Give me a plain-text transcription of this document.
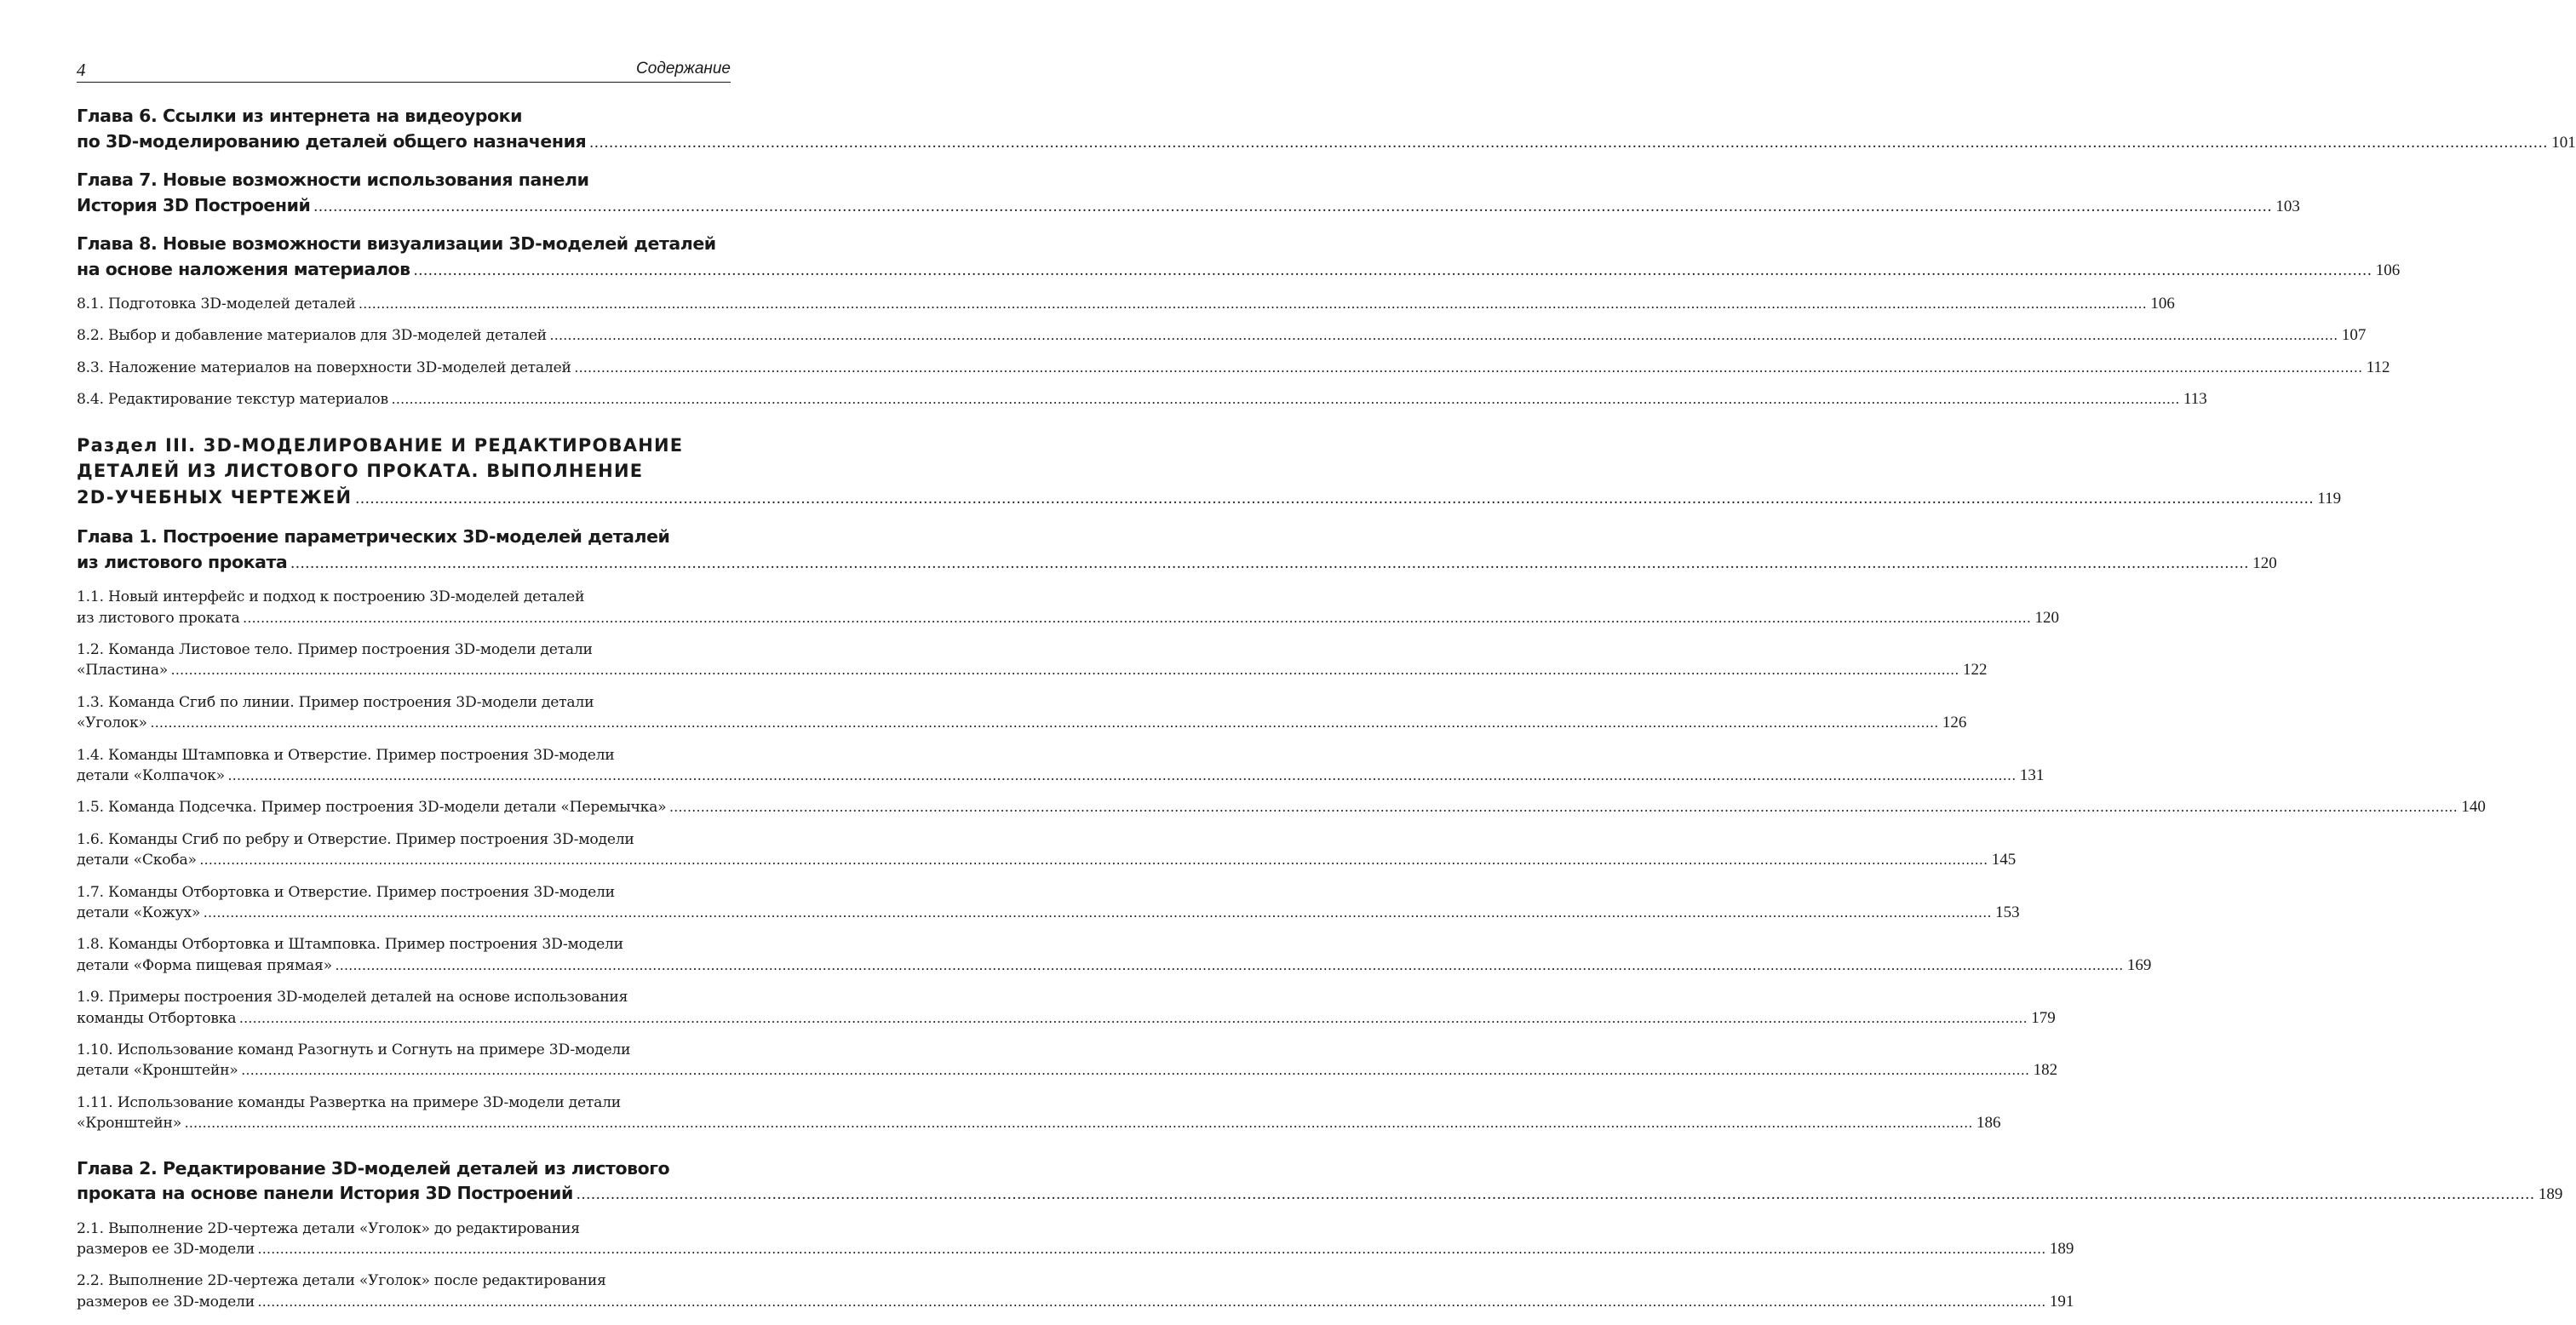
4	Содержание
Глава 6. Ссылки из интернета на видеоуроки
по 3D-моделированию деталей общего назначения ................................................................................................................................................................................................................................................................................................................................................................................................................ 101
Глава 7. Новые возможности использования панели
История 3D Построений ................................................................................................................................................................................................................................................................................................................................................................................................................ 103
Глава 8. Новые возможности визуализации 3D-моделей деталей
на основе наложения материалов ................................................................................................................................................................................................................................................................................................................................................................................................................ 106
8.1. Подготовка 3D-моделей деталей ................................................................................................................................................................................................................................................................................................................................................................................................................ 106
8.2. Выбор и добавление материалов для 3D-моделей деталей ................................................................................................................................................................................................................................................................................................................................................................................................................ 107
8.3. Наложение материалов на поверхности 3D-моделей деталей ................................................................................................................................................................................................................................................................................................................................................................................................................ 112
8.4. Редактирование текстур материалов ................................................................................................................................................................................................................................................................................................................................................................................................................ 113
Раздел III. 3D-МОДЕЛИРОВАНИЕ И РЕДАКТИРОВАНИЕ
ДЕТАЛЕЙ ИЗ ЛИСТОВОГО ПРОКАТА. ВЫПОЛНЕНИЕ
2D-УЧЕБНЫХ ЧЕРТЕЖЕЙ ................................................................................................................................................................................................................................................................................................................................................................................................................ 119
Глава 1. Построение параметрических 3D-моделей деталей
из листового проката ................................................................................................................................................................................................................................................................................................................................................................................................................ 120
1.1. Новый интерфейс и подход к построению 3D-моделей деталей
из листового проката ................................................................................................................................................................................................................................................................................................................................................................................................................ 120
1.2. Команда Листовое тело. Пример построения 3D-модели детали
«Пластина» ................................................................................................................................................................................................................................................................................................................................................................................................................ 122
1.3. Команда Сгиб по линии. Пример построения 3D-модели детали
«Уголок» ................................................................................................................................................................................................................................................................................................................................................................................................................ 126
1.4. Команды Штамповка и Отверстие. Пример построения 3D-модели
детали «Колпачок» ................................................................................................................................................................................................................................................................................................................................................................................................................ 131
1.5. Команда Подсечка. Пример построения 3D-модели детали «Перемычка» ................................................................................................................................................................................................................................................................................................................................................................................................................ 140
1.6. Команды Сгиб по ребру и Отверстие. Пример построения 3D-модели
детали «Скоба» ................................................................................................................................................................................................................................................................................................................................................................................................................ 145
1.7. Команды Отбортовка и Отверстие. Пример построения 3D-модели
детали «Кожух» ................................................................................................................................................................................................................................................................................................................................................................................................................ 153
1.8. Команды Отбортовка и Штамповка. Пример построения 3D-модели
детали «Форма пищевая прямая» ................................................................................................................................................................................................................................................................................................................................................................................................................ 169
1.9. Примеры построения 3D-моделей деталей на основе использования
команды Отбортовка ................................................................................................................................................................................................................................................................................................................................................................................................................ 179
1.10. Использование команд Разогнуть и Согнуть на примере 3D-модели
детали «Кронштейн» ................................................................................................................................................................................................................................................................................................................................................................................................................ 182
1.11. Использование команды Развертка на примере 3D-модели детали
«Кронштейн» ................................................................................................................................................................................................................................................................................................................................................................................................................ 186
Глава 2. Редактирование 3D-моделей деталей из листового
проката на основе панели История 3D Построений ................................................................................................................................................................................................................................................................................................................................................................................................................ 189
2.1. Выполнение 2D-чертежа детали «Уголок» до редактирования
размеров ее 3D-модели ................................................................................................................................................................................................................................................................................................................................................................................................................ 189
2.2. Выполнение 2D-чертежа детали «Уголок» после редактирования
размеров ее 3D-модели ................................................................................................................................................................................................................................................................................................................................................................................................................ 191
